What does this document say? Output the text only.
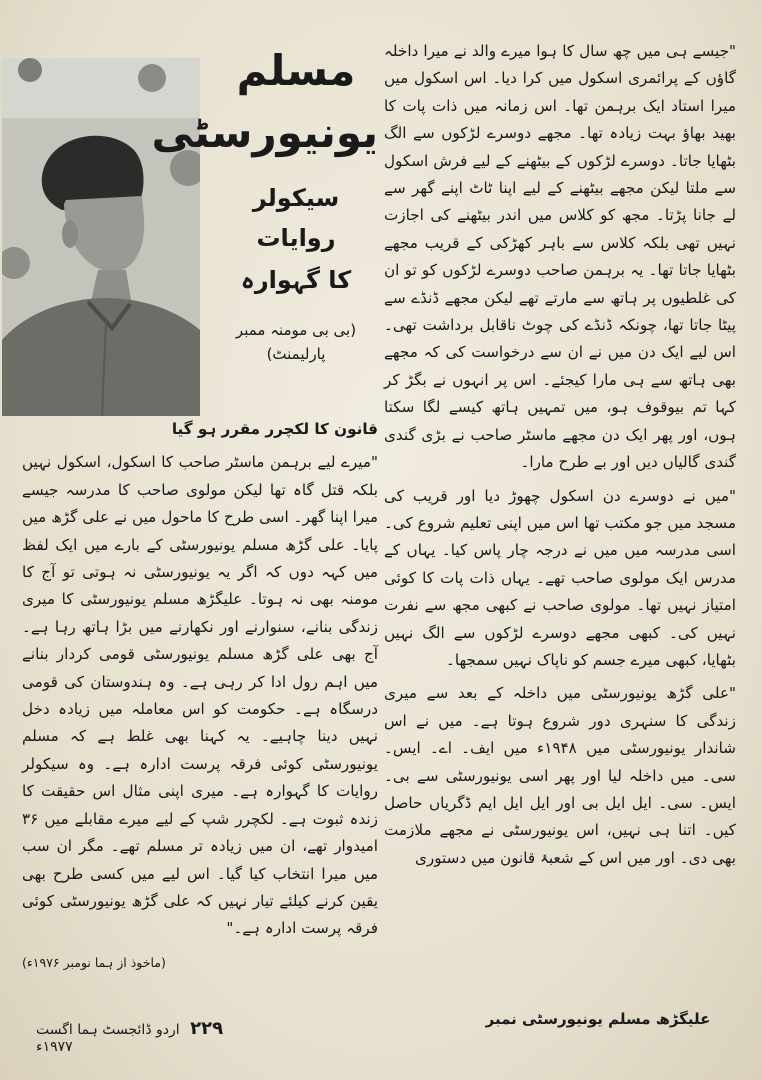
مسلم

یونیورسٹی

سیکولر روایات

کا گہوارہ

(بی بی مومنہ ممبر پارلیمنٹ)

"جیسے ہی میں چھ سال کا ہوا میرے والد نے میرا داخلہ گاؤں کے پرائمری اسکول میں کرا دیا۔ اس اسکول میں میرا استاد ایک برہمن تھا۔ اس زمانہ میں ذات پات کا بھید بھاؤ بہت زیادہ تھا۔ مجھے دوسرے لڑکوں سے الگ بٹھایا جاتا۔ دوسرے لڑکوں کے بیٹھنے کے لیے فرش اسکول سے ملتا لیکن مجھے بیٹھنے کے لیے اپنا ٹاٹ اپنے گھر سے لے جانا پڑتا۔ مجھ کو کلاس میں اندر بیٹھنے کی اجازت نہیں تھی بلکہ کلاس سے باہر کھڑکی کے قریب مجھے بٹھایا جاتا تھا۔ یہ برہمن صاحب دوسرے لڑکوں کو تو ان کی غلطیوں پر ہاتھ سے مارتے تھے لیکن مجھے ڈنڈے سے پیٹا جاتا تھا، چونکہ ڈنڈے کی چوٹ ناقابل برداشت تھی۔ اس لیے ایک دن میں نے ان سے درخواست کی کہ مجھے بھی ہاتھ سے ہی مارا کیجئے۔ اس پر انہوں نے بگڑ کر کہا تم بیوقوف ہو، میں تمہیں ہاتھ کیسے لگا سکتا ہوں، اور پھر ایک دن مجھے ماسٹر صاحب نے بڑی گندی گندی گالیاں دیں اور بے طرح مارا۔

"میں نے دوسرے دن اسکول چھوڑ دیا اور قریب کی مسجد میں جو مکتب تھا اس میں اپنی تعلیم شروع کی۔ اسی مدرسہ میں میں نے درجہ چار پاس کیا۔ یہاں کے مدرس ایک مولوی صاحب تھے۔ یہاں ذات پات کا کوئی امتیاز نہیں تھا۔ مولوی صاحب نے کبھی مجھ سے نفرت نہیں کی۔ کبھی مجھے دوسرے لڑکوں سے الگ نہیں بٹھایا، کبھی میرے جسم کو ناپاک نہیں سمجھا۔

"علی گڑھ یونیورسٹی میں داخلہ کے بعد سے میری زندگی کا سنہری دور شروع ہوتا ہے۔ میں نے اس شاندار یونیورسٹی میں ۱۹۴۸ء میں ایف۔ اے۔ ایس۔ سی۔ میں داخلہ لیا اور پھر اسی یونیورسٹی سے بی۔ ایس۔ سی۔ ایل ایل بی اور ایل ایل ایم ڈگریاں حاصل کیں۔ اتنا ہی نہیں، اس یونیورسٹی نے مجھے ملازمت بھی دی۔ اور میں اس کے شعبۂ قانون میں دستوری

قانون کا لکچرر مقرر ہو گیا

"میرے لیے برہمن ماسٹر صاحب کا اسکول، اسکول نہیں بلکہ قتل گاہ تھا لیکن مولوی صاحب کا مدرسہ جیسے میرا اپنا گھر۔ اسی طرح کا ماحول میں نے علی گڑھ میں پایا۔ علی گڑھ مسلم یونیورسٹی کے بارے میں ایک لفظ میں کہہ دوں کہ اگر یہ یونیورسٹی نہ ہوتی تو آج کا مومنہ بھی نہ ہوتا۔ علیگڑھ مسلم یونیورسٹی کا میری زندگی بنانے، سنوارنے اور نکھارنے میں بڑا ہاتھ رہا ہے۔ آج بھی علی گڑھ مسلم یونیورسٹی قومی کردار بنانے میں اہم رول ادا کر رہی ہے۔ وہ ہندوستان کی قومی درسگاہ ہے۔ حکومت کو اس معاملہ میں زیادہ دخل نہیں دینا چاہیے۔ یہ کہنا بھی غلط ہے کہ مسلم یونیورسٹی کوئی فرقہ پرست ادارہ ہے۔ وہ سیکولر روایات کا گہوارہ ہے۔ میری اپنی مثال اس حقیقت کا زندہ ثبوت ہے۔ لکچرر شپ کے لیے میرے مقابلے میں ۳۶ امیدوار تھے، ان میں زیادہ تر مسلم تھے۔ مگر ان سب میں میرا انتخاب کیا گیا۔ اس لیے میں کسی طرح بھی یقین کرنے کیلئے تیار نہیں کہ علی گڑھ یونیورسٹی کوئی فرقہ پرست ادارہ ہے۔"

(ماخوذ از ہما نومبر ۱۹۷۶ء)

علیگڑھ مسلم یونیورسٹی نمبر
۲۲۹ اردو ڈائجسٹ ہما اگست ۱۹۷۷ء
